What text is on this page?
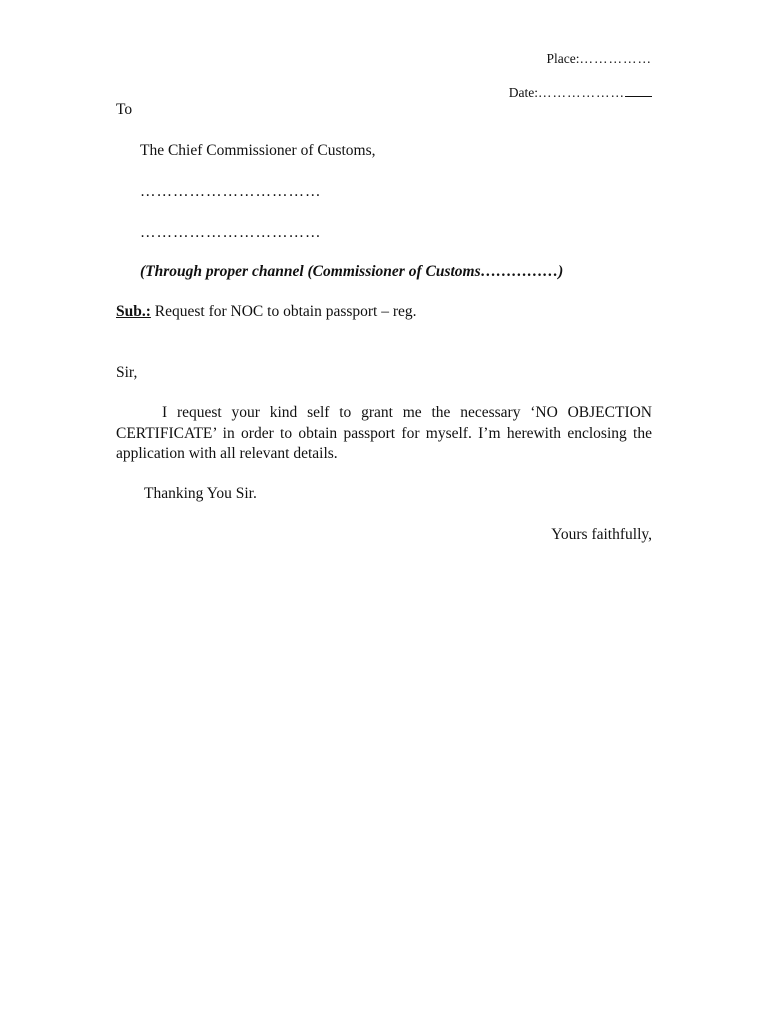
Place:……………
Date:………………
To
The Chief Commissioner of Customs,
……………………………
……………………………
(Through proper channel (Commissioner of Customs……………)
Sub.: Request for NOC to obtain passport – reg.
Sir,
I request your kind self to grant me the necessary ‘NO OBJECTION CERTIFICATE’ in order to obtain passport for myself. I’m herewith enclosing the application with all relevant details.
Thanking You Sir.
Yours faithfully,
